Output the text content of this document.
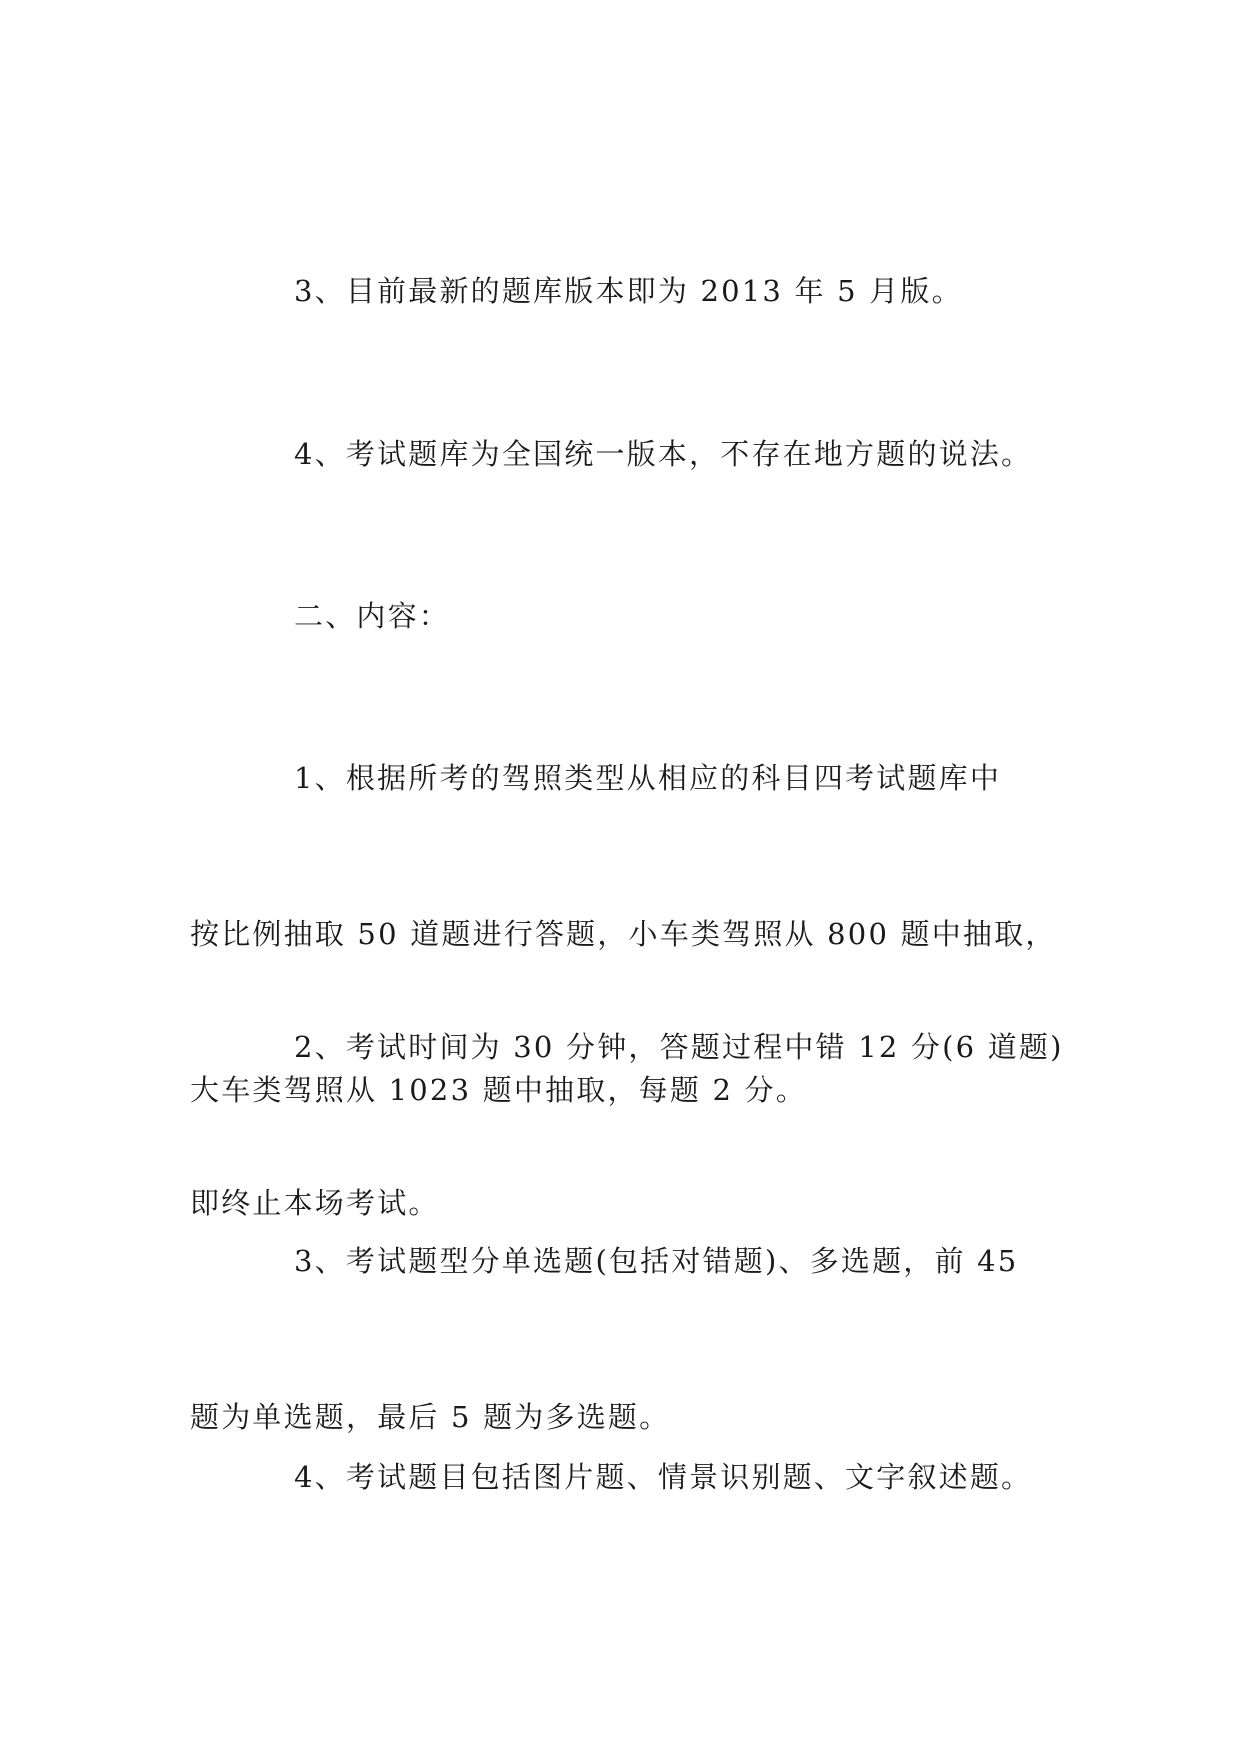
3、目前最新的题库版本即为 2013 年 5 月版。

4、考试题库为全国统一版本，不存在地方题的说法。

二、内容：

1、根据所考的驾照类型从相应的科目四考试题库中

按比例抽取 50 道题进行答题，小车类驾照从 800 题中抽取，

大车类驾照从 1023 题中抽取，每题 2 分。

2、考试时间为 30 分钟，答题过程中错 12 分(6 道题)

即终止本场考试。

3、考试题型分单选题(包括对错题)、多选题，前 45

题为单选题，最后 5 题为多选题。

4、考试题目包括图片题、情景识别题、文字叙述题。
